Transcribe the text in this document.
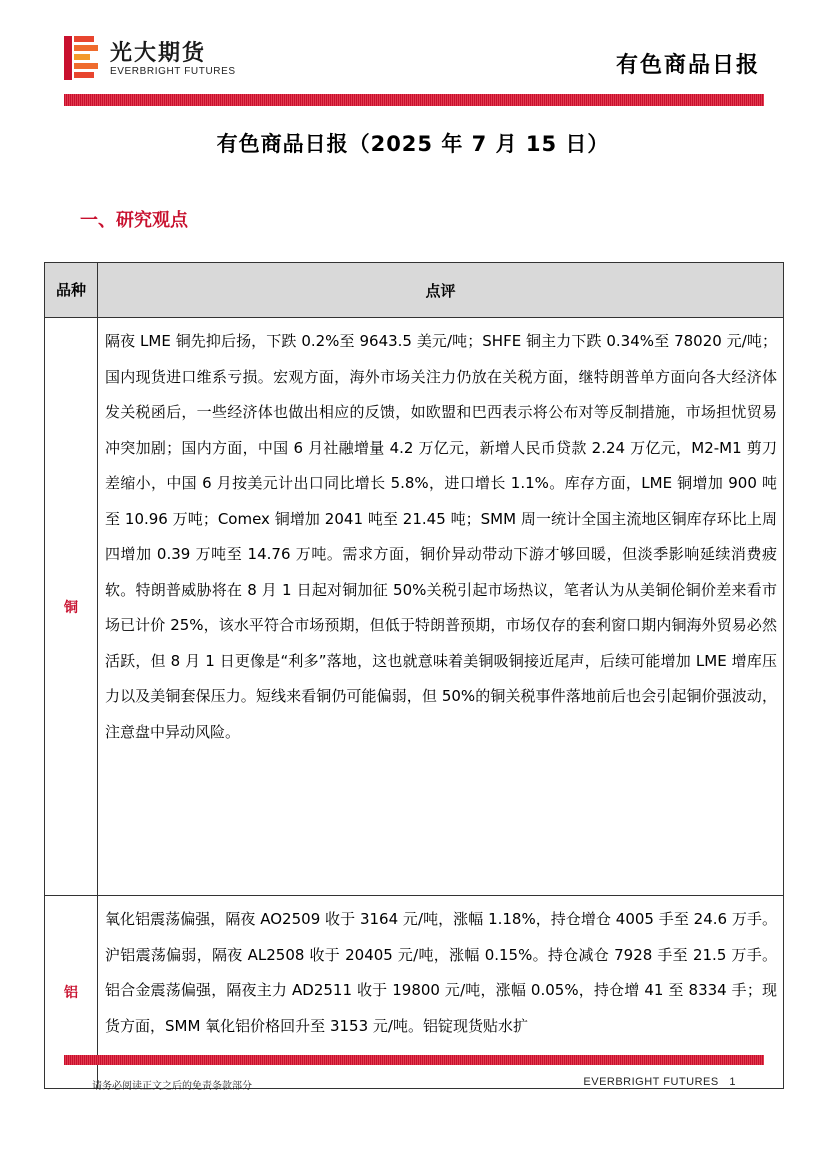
光大期货
EVERBRIGHT FUTURES	有色商品日报
有色商品日报（2025 年 7 月 15 日）
一、研究观点
品种	点评
铜	隔夜 LME 铜先抑后扬，下跌 0.2%至 9643.5 美元/吨；SHFE 铜主力下跌 0.34%至 78020 元/吨；国内现货进口维系亏损。宏观方面，海外市场关注力仍放在关税方面，继特朗普单方面向各大经济体发关税函后，一些经济体也做出相应的反馈，如欧盟和巴西表示将公布对等反制措施，市场担忧贸易冲突加剧；国内方面，中国 6 月社融增量 4.2 万亿元，新增人民币贷款 2.24 万亿元，M2-M1 剪刀差缩小，中国 6 月按美元计出口同比增长 5.8%，进口增长 1.1%。库存方面，LME 铜增加 900 吨至 10.96 万吨；Comex 铜增加 2041 吨至 21.45 吨；SMM 周一统计全国主流地区铜库存环比上周四增加 0.39 万吨至 14.76 万吨。需求方面，铜价异动带动下游才够回暖，但淡季影响延续消费疲软。特朗普威胁将在 8 月 1 日起对铜加征 50%关税引起市场热议，笔者认为从美铜伦铜价差来看市场已计价 25%，该水平符合市场预期，但低于特朗普预期，市场仅存的套利窗口期内铜海外贸易必然活跃，但 8 月 1 日更像是“利多”落地，这也就意味着美铜吸铜接近尾声，后续可能增加 LME 增库压力以及美铜套保压力。短线来看铜仍可能偏弱，但 50%的铜关税事件落地前后也会引起铜价强波动，注意盘中异动风险。
铝	氧化铝震荡偏强，隔夜 AO2509 收于 3164 元/吨，涨幅 1.18%，持仓增仓 4005 手至 24.6 万手。沪铝震荡偏弱，隔夜 AL2508 收于 20405 元/吨，涨幅 0.15%。持仓减仓 7928 手至 21.5 万手。铝合金震荡偏强，隔夜主力 AD2511 收于 19800 元/吨，涨幅 0.05%，持仓增 41 至 8334 手；现货方面，SMM 氧化铝价格回升至 3153 元/吨。铝锭现货贴水扩
请务必阅读正文之后的免责条款部分	EVERBRIGHT FUTURES 1
